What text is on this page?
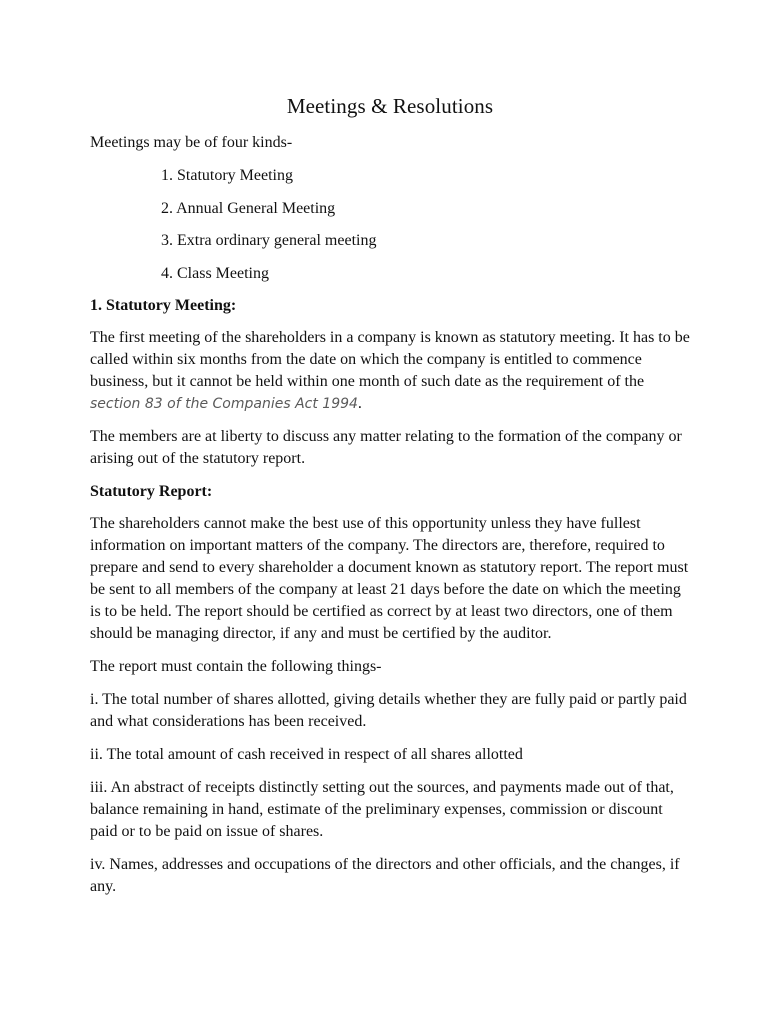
Meetings & Resolutions

Meetings may be of four kinds-

1. Statutory Meeting
2. Annual General Meeting
3. Extra ordinary general meeting
4. Class Meeting

1. Statutory Meeting:

The first meeting of the shareholders in a company is known as statutory meeting. It has to be called within six months from the date on which the company is entitled to commence business, but it cannot be held within one month of such date as the requirement of the section 83 of the Companies Act 1994.

The members are at liberty to discuss any matter relating to the formation of the company or arising out of the statutory report.

Statutory Report:

The shareholders cannot make the best use of this opportunity unless they have fullest information on important matters of the company. The directors are, therefore, required to prepare and send to every shareholder a document known as statutory report. The report must be sent to all members of the company at least 21 days before the date on which the meeting is to be held. The report should be certified as correct by at least two directors, one of them should be managing director, if any and must be certified by the auditor.

The report must contain the following things-

i. The total number of shares allotted, giving details whether they are fully paid or partly paid and what considerations has been received.

ii. The total amount of cash received in respect of all shares allotted

iii. An abstract of receipts distinctly setting out the sources, and payments made out of that, balance remaining in hand, estimate of the preliminary expenses, commission or discount paid or to be paid on issue of shares.

iv. Names, addresses and occupations of the directors and other officials, and the changes, if any.
